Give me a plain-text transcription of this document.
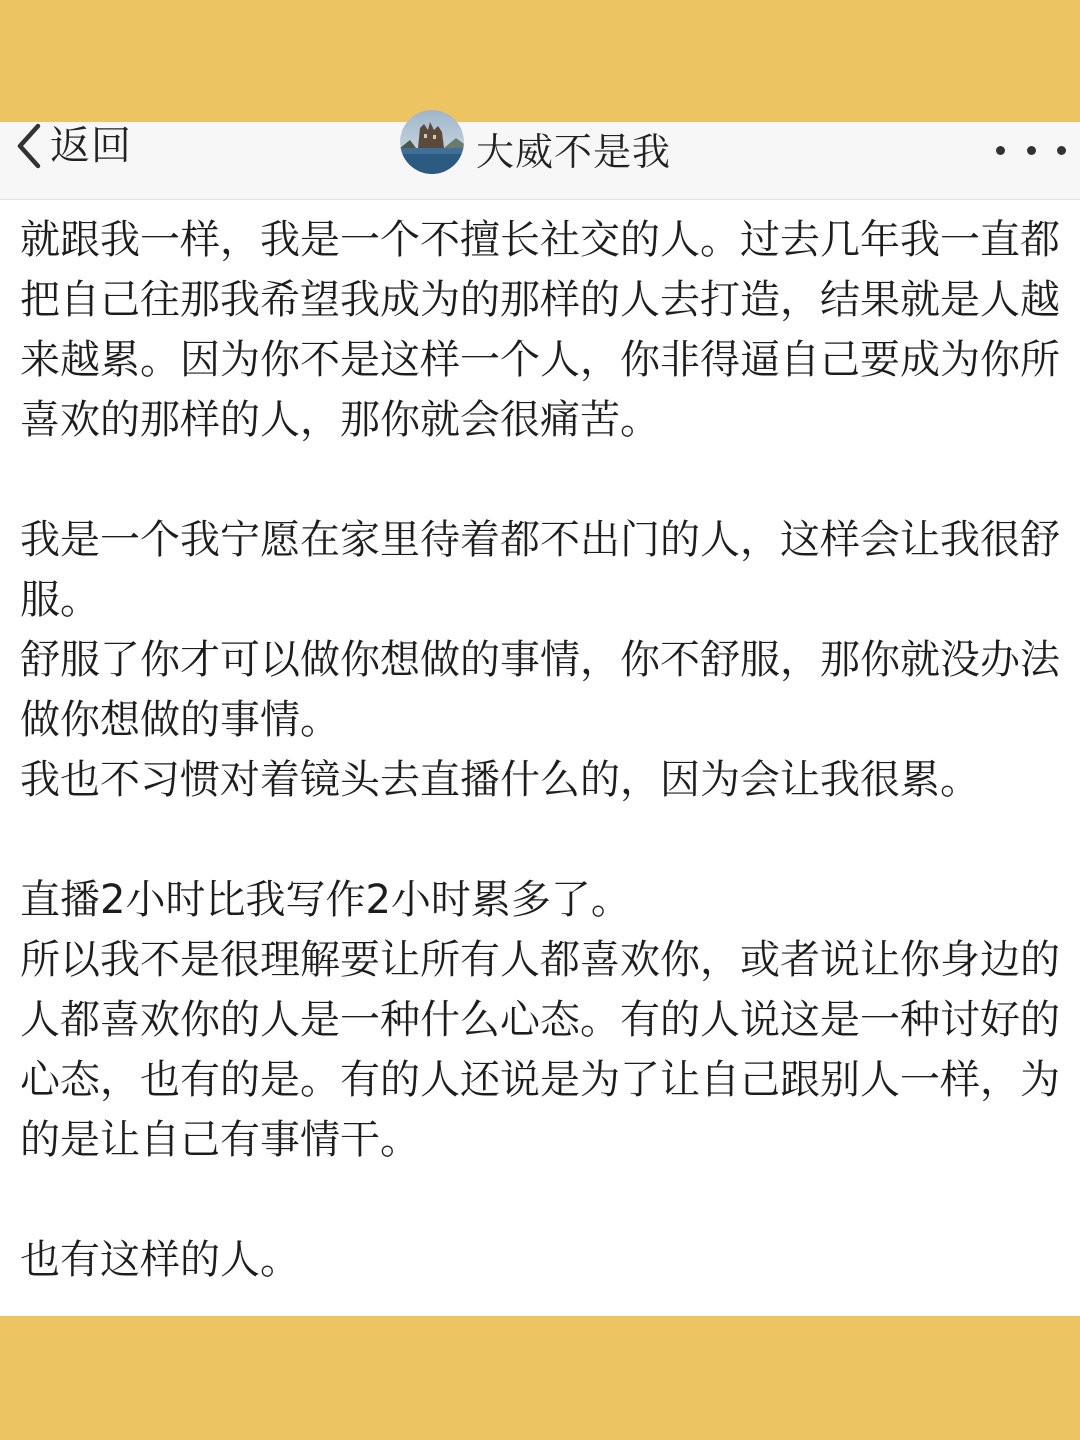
返回	大威不是我

就跟我一样，我是一个不擅长社交的人。过去几年我一直都把自己往那我希望我成为的那样的人去打造，结果就是人越来越累。因为你不是这样一个人，你非得逼自己要成为你所喜欢的那样的人，那你就会很痛苦。

我是一个我宁愿在家里待着都不出门的人，这样会让我很舒服。

舒服了你才可以做你想做的事情，你不舒服，那你就没办法做你想做的事情。

我也不习惯对着镜头去直播什么的，因为会让我很累。

直播2小时比我写作2小时累多了。

所以我不是很理解要让所有人都喜欢你，或者说让你身边的人都喜欢你的人是一种什么心态。有的人说这是一种讨好的心态，也有的是。有的人还说是为了让自己跟别人一样，为的是让自己有事情干。

也有这样的人。
